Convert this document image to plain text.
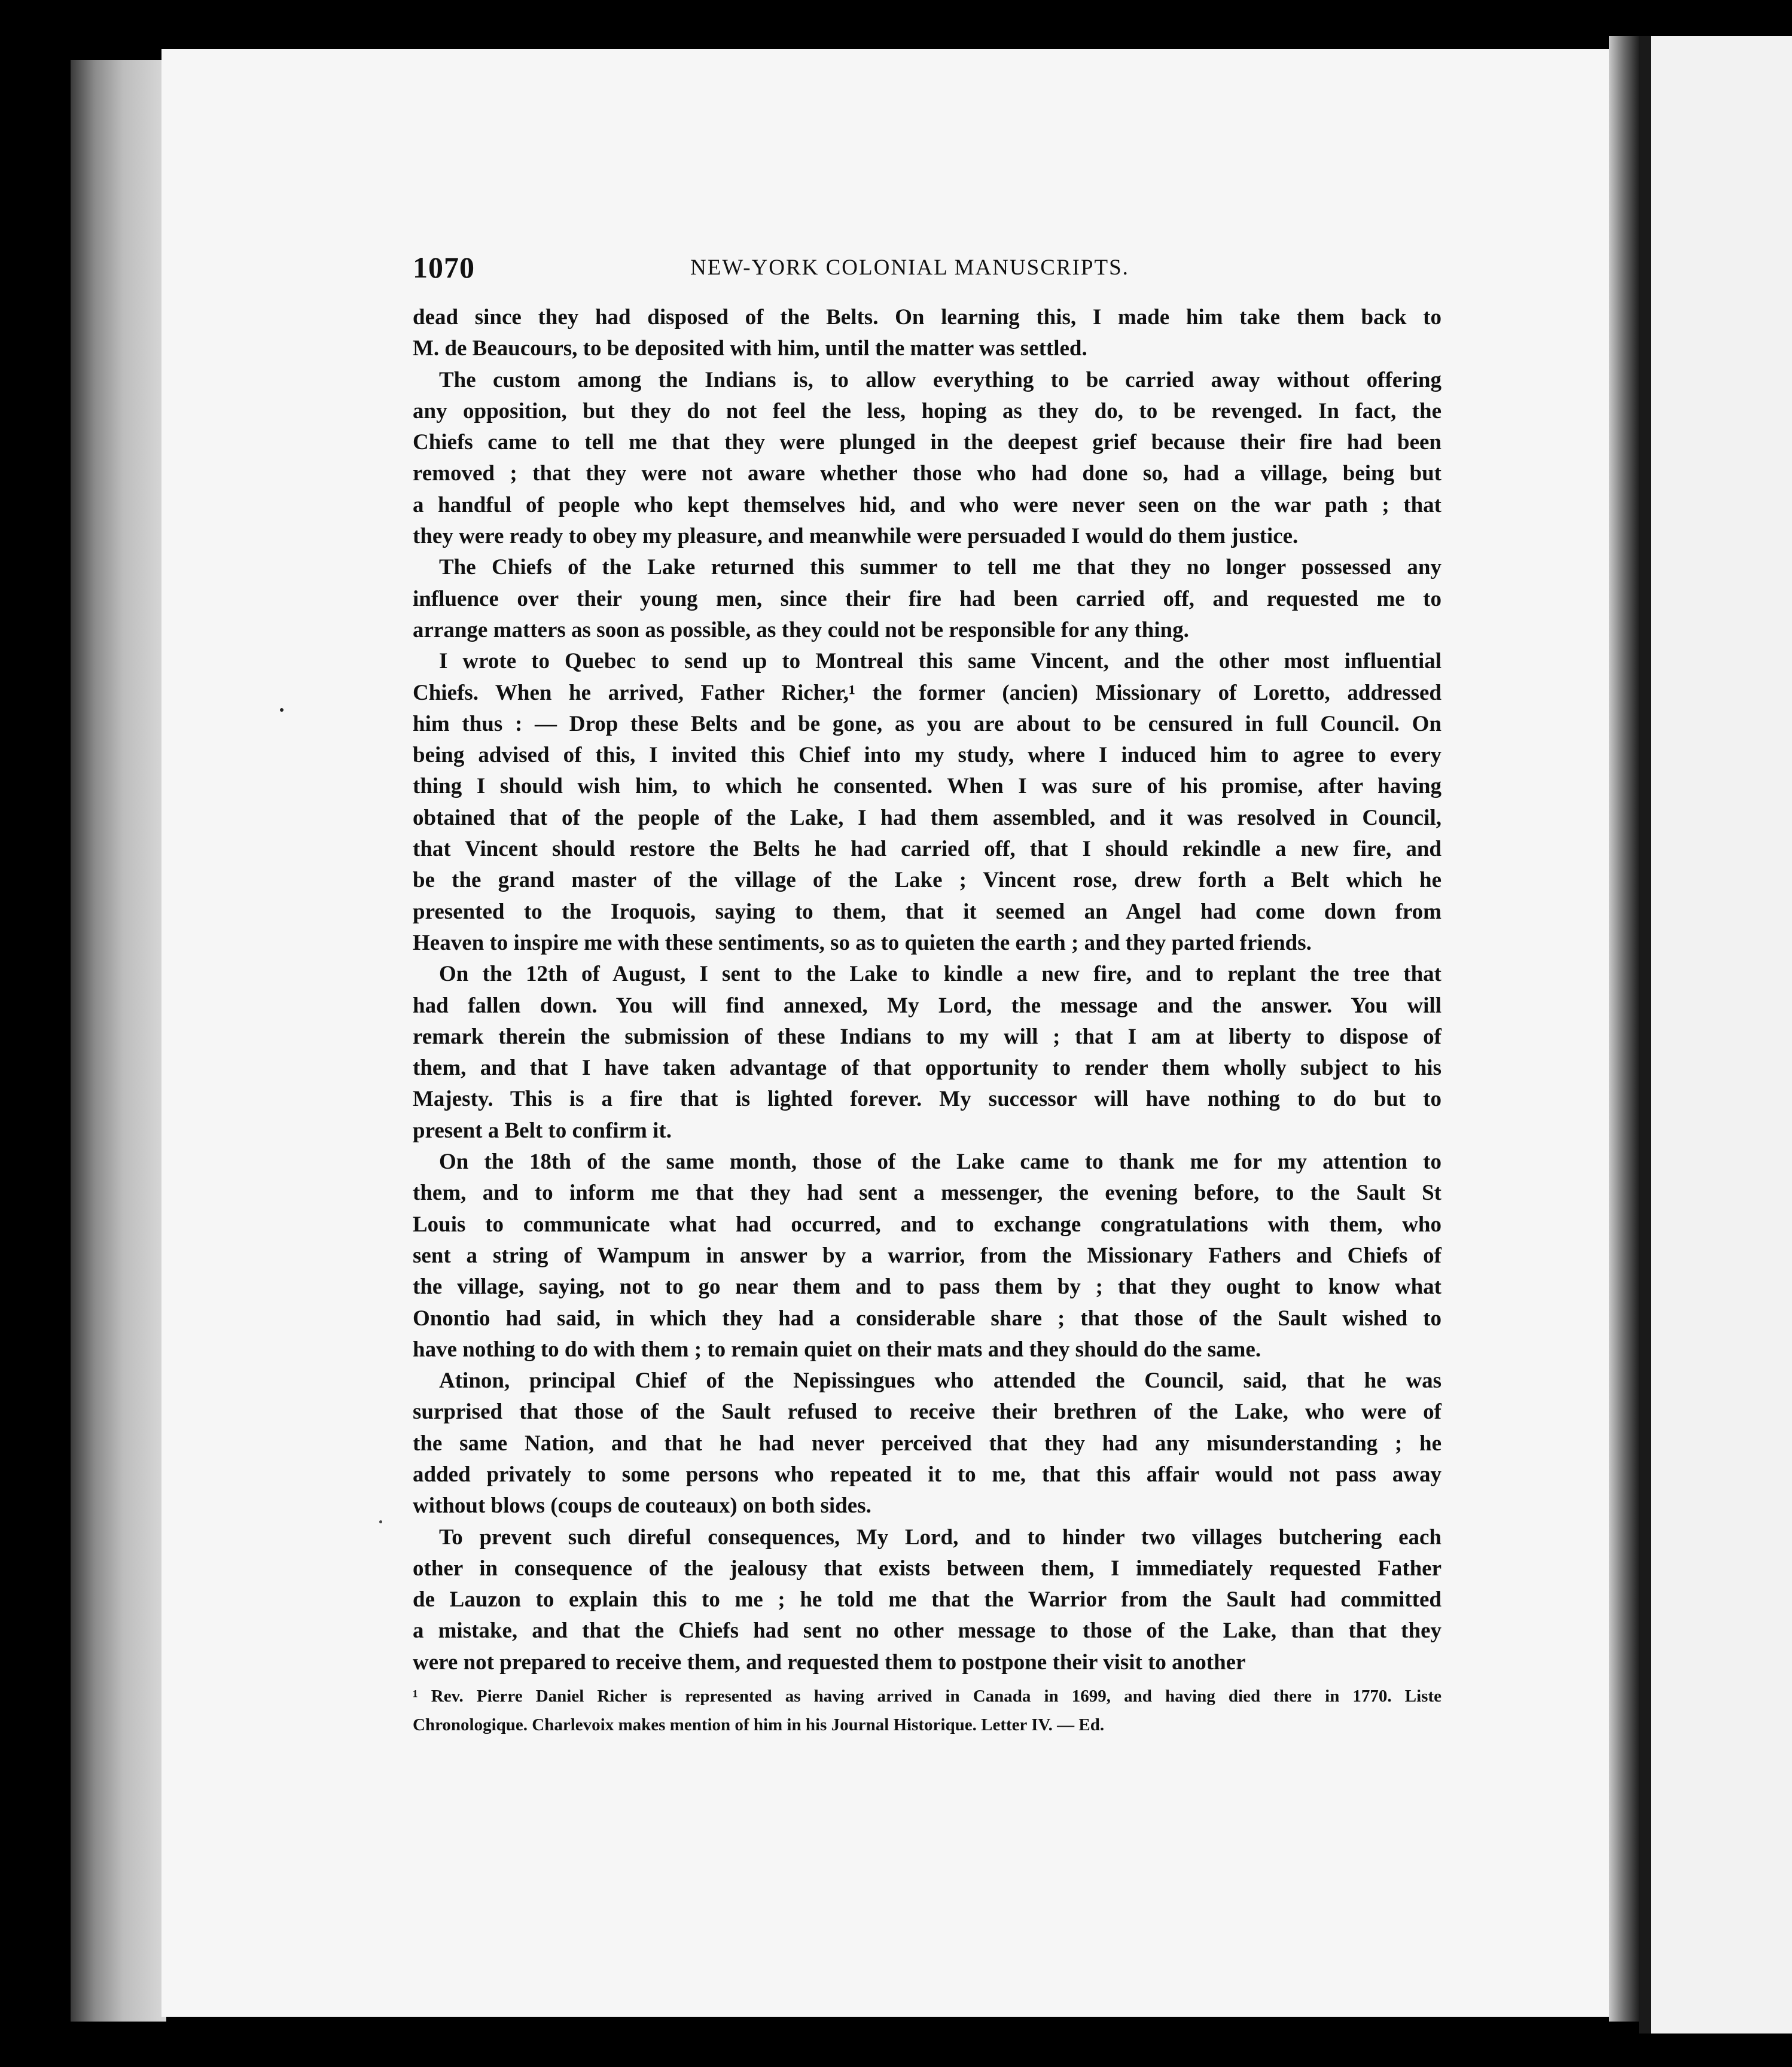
1070	NEW-YORK COLONIAL MANUSCRIPTS.
dead since they had disposed of the Belts. On learning this, I made him take them back to
M. de Beaucours, to be deposited with him, until the matter was settled.
The custom among the Indians is, to allow everything to be carried away without offering
any opposition, but they do not feel the less, hoping as they do, to be revenged. In fact, the
Chiefs came to tell me that they were plunged in the deepest grief because their fire had been
removed ; that they were not aware whether those who had done so, had a village, being but
a handful of people who kept themselves hid, and who were never seen on the war path ; that
they were ready to obey my pleasure, and meanwhile were persuaded I would do them justice.
The Chiefs of the Lake returned this summer to tell me that they no longer possessed any
influence over their young men, since their fire had been carried off, and requested me to
arrange matters as soon as possible, as they could not be responsible for any thing.
I wrote to Quebec to send up to Montreal this same Vincent, and the other most influential
Chiefs. When he arrived, Father Richer,¹ the former (ancien) Missionary of Loretto, addressed
him thus : — Drop these Belts and be gone, as you are about to be censured in full Council. On
being advised of this, I invited this Chief into my study, where I induced him to agree to every
thing I should wish him, to which he consented. When I was sure of his promise, after having
obtained that of the people of the Lake, I had them assembled, and it was resolved in Council,
that Vincent should restore the Belts he had carried off, that I should rekindle a new fire, and
be the grand master of the village of the Lake ; Vincent rose, drew forth a Belt which he
presented to the Iroquois, saying to them, that it seemed an Angel had come down from
Heaven to inspire me with these sentiments, so as to quieten the earth ; and they parted friends.
On the 12th of August, I sent to the Lake to kindle a new fire, and to replant the tree that
had fallen down. You will find annexed, My Lord, the message and the answer. You will
remark therein the submission of these Indians to my will ; that I am at liberty to dispose of
them, and that I have taken advantage of that opportunity to render them wholly subject to his
Majesty. This is a fire that is lighted forever. My successor will have nothing to do but to
present a Belt to confirm it.
On the 18th of the same month, those of the Lake came to thank me for my attention to
them, and to inform me that they had sent a messenger, the evening before, to the Sault St
Louis to communicate what had occurred, and to exchange congratulations with them, who
sent a string of Wampum in answer by a warrior, from the Missionary Fathers and Chiefs of
the village, saying, not to go near them and to pass them by ; that they ought to know what
Onontio had said, in which they had a considerable share ; that those of the Sault wished to
have nothing to do with them ; to remain quiet on their mats and they should do the same.
Atinon, principal Chief of the Nepissingues who attended the Council, said, that he was
surprised that those of the Sault refused to receive their brethren of the Lake, who were of
the same Nation, and that he had never perceived that they had any misunderstanding ; he
added privately to some persons who repeated it to me, that this affair would not pass away
without blows (coups de couteaux) on both sides.
To prevent such direful consequences, My Lord, and to hinder two villages butchering each
other in consequence of the jealousy that exists between them, I immediately requested Father
de Lauzon to explain this to me ; he told me that the Warrior from the Sault had committed
a mistake, and that the Chiefs had sent no other message to those of the Lake, than that they
were not prepared to receive them, and requested them to postpone their visit to another
¹ Rev. Pierre Daniel Richer is represented as having arrived in Canada in 1699, and having died there in 1770. Liste
Chronologique. Charlevoix makes mention of him in his Journal Historique. Letter IV. — Ed.
